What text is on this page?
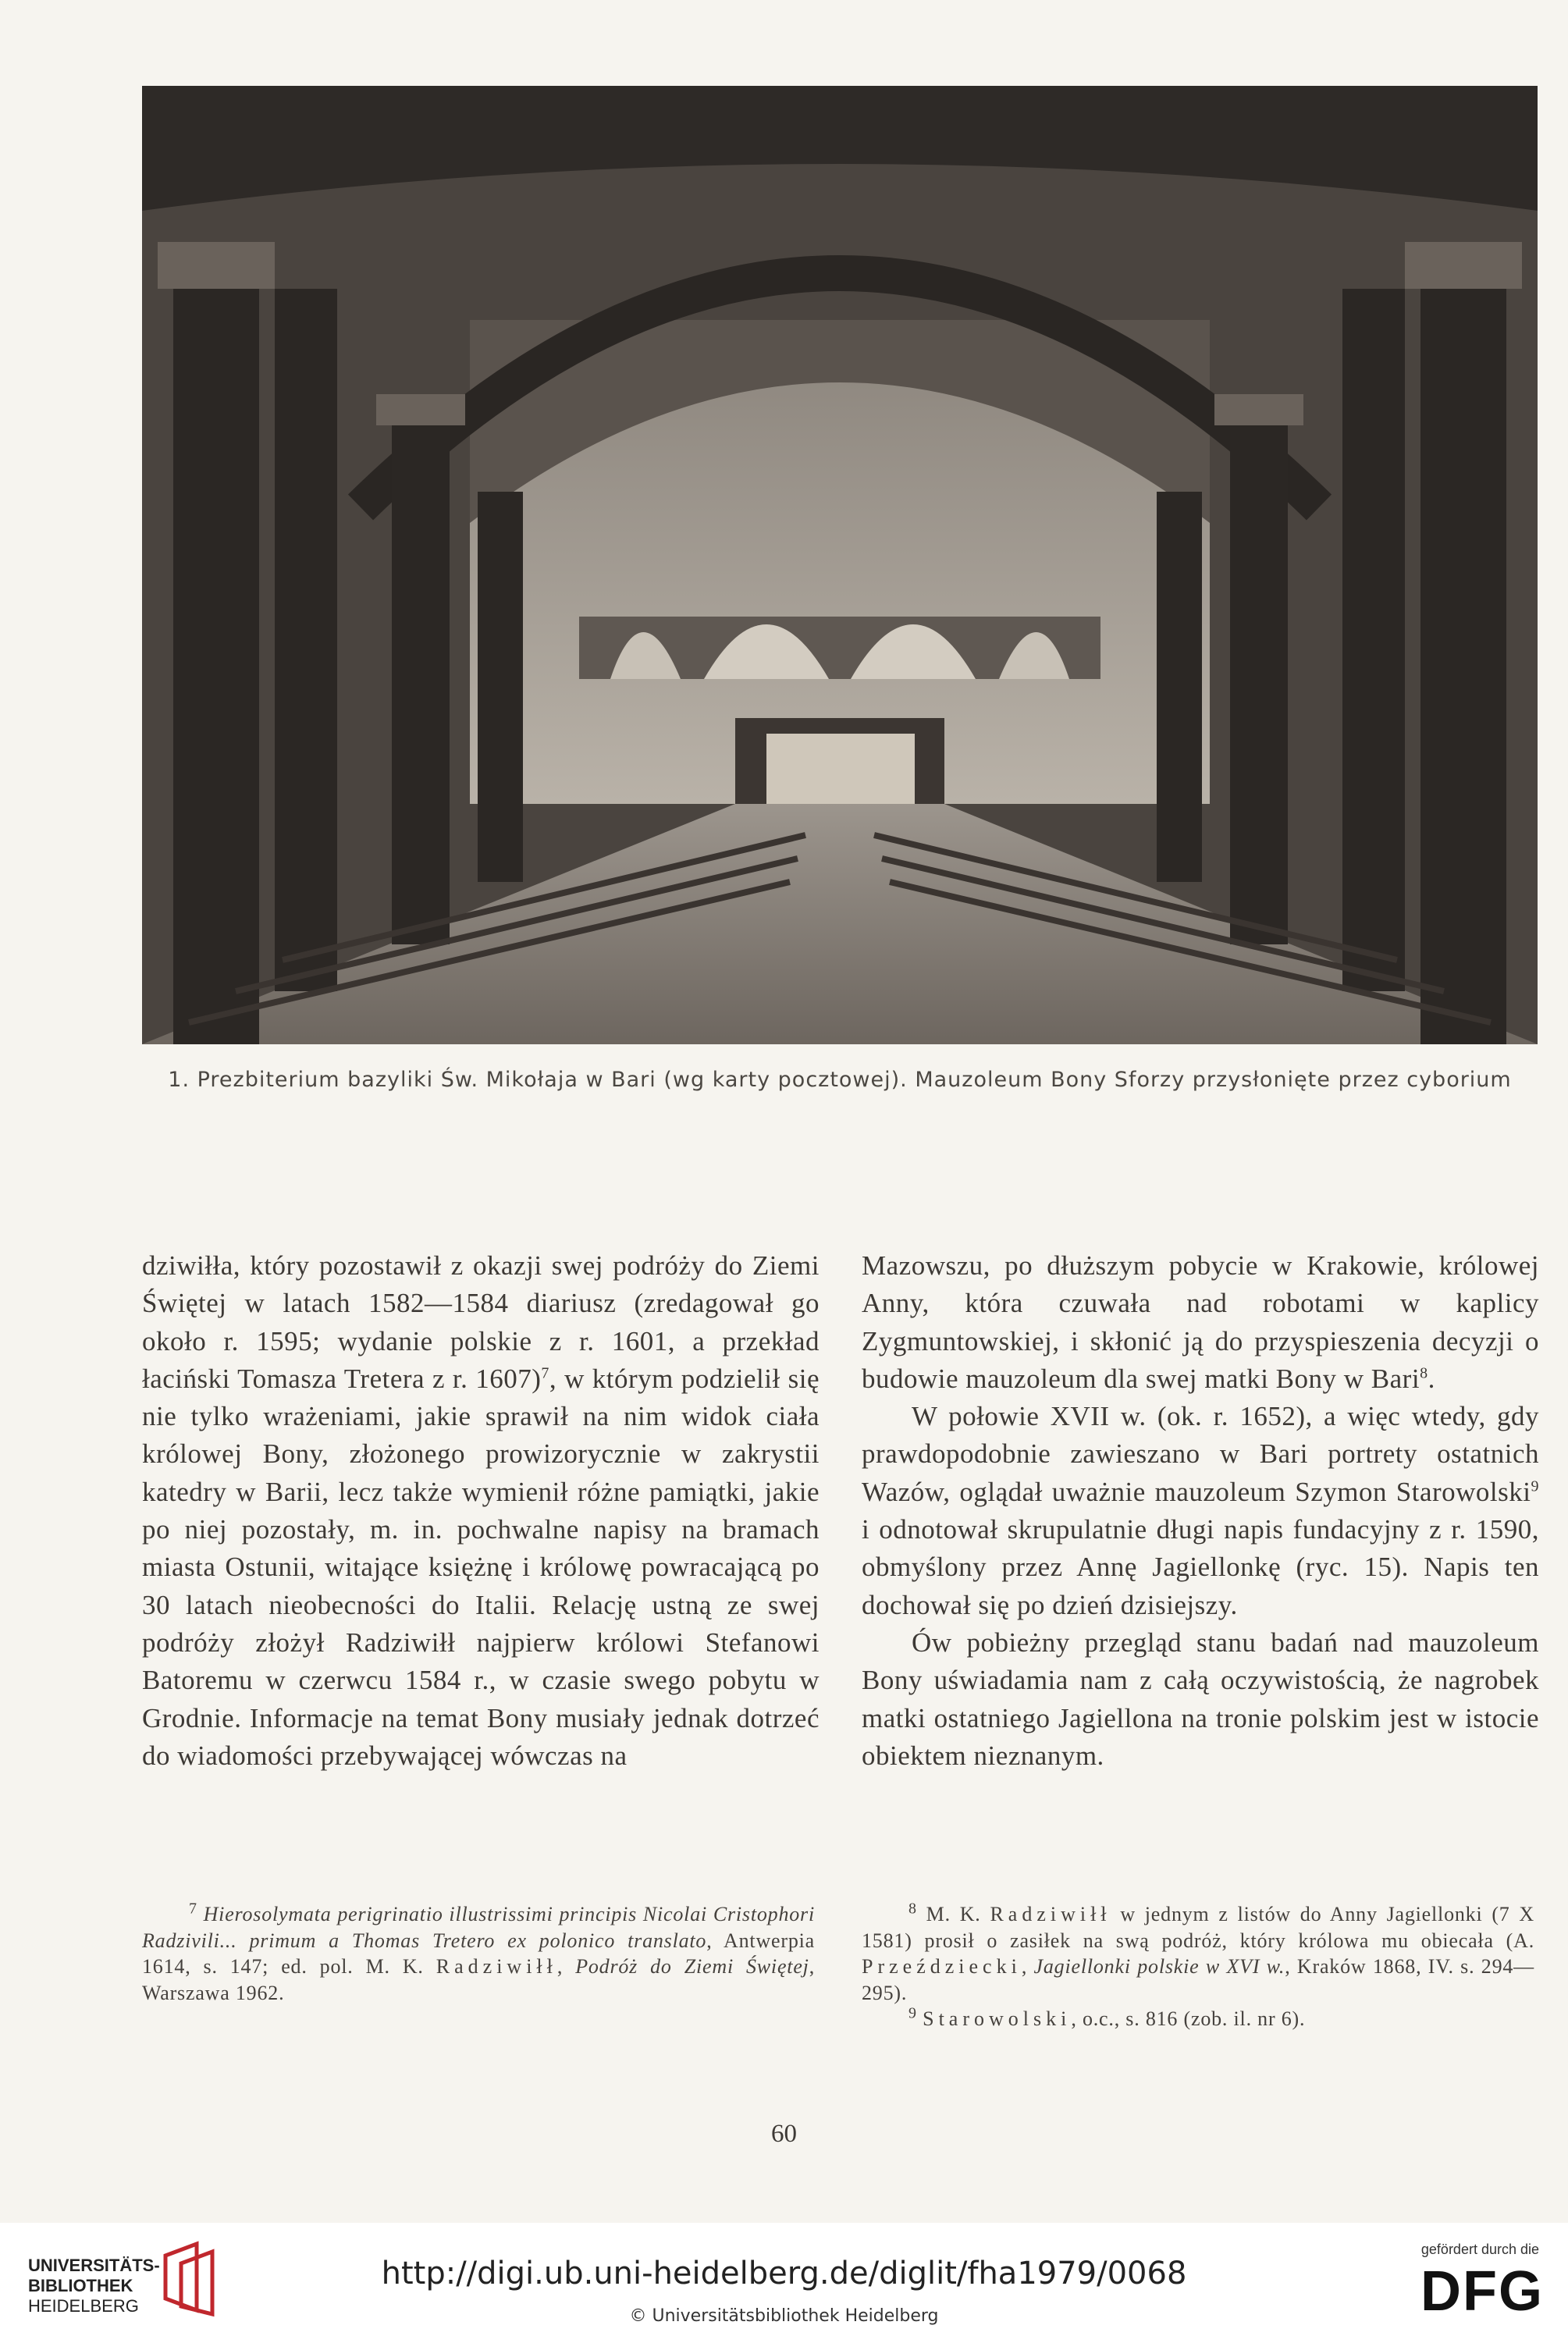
1. Prezbiterium bazyliki Św. Mikołaja w Bari (wg karty pocztowej). Mauzoleum Bony Sforzy przysłonięte przez cyborium

dziwiłła, który pozostawił z okazji swej podróży do Ziemi Świętej w latach 1582—1584 diariusz (zredagował go około r. 1595; wydanie polskie z r. 1601, a przekład łaciński Tomasza Tretera z r. 1607)$^7$, w którym podzielił się nie tylko wrażeniami, jakie sprawił na nim widok ciała królowej Bony, złożonego prowizorycznie w zakrystii katedry w Barii, lecz także wymienił różne pamiątki, jakie po niej pozostały, m. in. pochwalne napisy na bramach miasta Ostunii, witające księżnę i królowę powracającą po 30 latach nieobecności do Italii. Relację ustną ze swej podróży złożył Radziwiłł najpierw królowi Stefanowi Batoremu w czerwcu 1584 r., w czasie swego pobytu w Grodnie. Informacje na temat Bony musiały jednak dotrzeć do wiadomości przebywającej wówczas na

Mazowszu, po dłuższym pobycie w Krakowie, królowej Anny, która czuwała nad robotami w kaplicy Zygmuntowskiej, i skłonić ją do przyspieszenia decyzji o budowie mauzoleum dla swej matki Bony w Bari$^8$.

W połowie XVII w. (ok. r. 1652), a więc wtedy, gdy prawdopodobnie zawieszano w Bari portrety ostatnich Wazów, oglądał uważnie mauzoleum Szymon Starowolski$^9$ i odnotował skrupulatnie długi napis fundacyjny z r. 1590, obmyślony przez Annę Jagiellonkę (ryc. 15). Napis ten dochował się po dzień dzisiejszy.

Ów pobieżny przegląd stanu badań nad mauzoleum Bony uświadamia nam z całą oczywistością, że nagrobek matki ostatniego Jagiellona na tronie polskim jest w istocie obiektem nieznanym.

$^7$ Hierosolymata perigrinatio illustrissimi principis Nicolai Cristophori Radzivili... primum a Thomas Tretero ex polonico translato, Antwerpia 1614, s. 147; ed. pol. M. K. Radziwiłł, Podróż do Ziemi Świętej, Warszawa 1962.

$^8$ M. K. Radziwiłł w jednym z listów do Anny Jagiellonki (7 X 1581) prosił o zasiłek na swą podróż, który królowa mu obiecała (A. Przeździecki, Jagiellonki polskie w XVI w., Kraków 1868, IV. s. 294—295).

$^9$ Starowolski, o.c., s. 816 (zob. il. nr 6).

60
UNIVERSITÄTS-
BIBLIOTHEK
HEIDELBERG
http://digi.ub.uni-heidelberg.de/diglit/fha1979/0068
© Universitätsbibliothek Heidelberg
gefördert durch die
DFG
